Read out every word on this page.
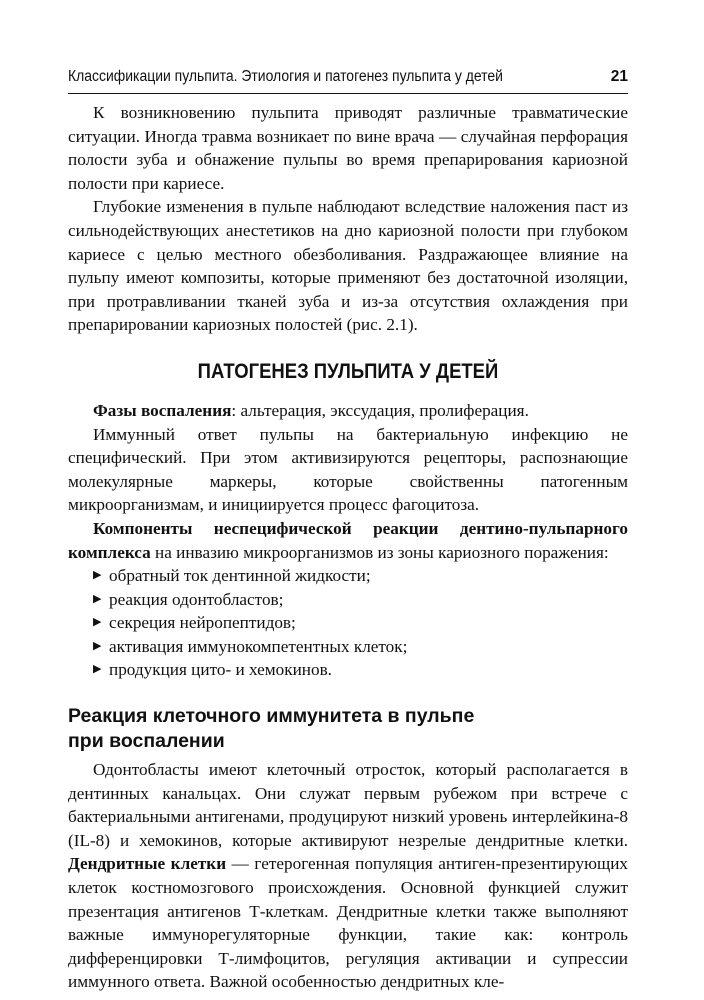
Классификации пульпита. Этиология и патогенез пульпита у детей	21

К возникновению пульпита приводят различные травматические ситуации. Иногда травма возникает по вине врача — случайная перфорация полости зуба и обнажение пульпы во время препарирования кариозной полости при кариесе.

Глубокие изменения в пульпе наблюдают вследствие наложения паст из сильнодействующих анестетиков на дно кариозной полости при глубоком кариесе с целью местного обезболивания. Раздражающее влияние на пульпу имеют композиты, которые применяют без достаточной изоляции, при протравливании тканей зуба и из-за отсутствия охлаждения при препарировании кариозных полостей (рис. 2.1).

ПАТОГЕНЕЗ ПУЛЬПИТА У ДЕТЕЙ

Фазы воспаления: альтерация, экссудация, пролиферация.

Иммунный ответ пульпы на бактериальную инфекцию не специфический. При этом активизируются рецепторы, распознающие молекулярные маркеры, которые свойственны патогенным микроорганизмам, и инициируется процесс фагоцитоза.

Компоненты неспецифической реакции дентино-пульпарного комплекса на инвазию микроорганизмов из зоны кариозного поражения:

▶ обратный ток дентинной жидкости;
▶ реакция одонтобластов;
▶ секреция нейропептидов;
▶ активация иммунокомпетентных клеток;
▶ продукция цито- и хемокинов.
Реакция клеточного иммунитета в пульпе
при воспалении

Одонтобласты имеют клеточный отросток, который располагается в дентинных канальцах. Они служат первым рубежом при встрече с бактериальными антигенами, продуцируют низкий уровень интерлейкина-8 (IL-8) и хемокинов, которые активируют незрелые дендритные клетки. Дендритные клетки — гетерогенная популяция антиген-презентирующих клеток костномозгового происхождения. Основной функцией служит презентация антигенов Т-клеткам. Дендритные клетки также выполняют важные иммунорегуляторные функции, такие как: контроль дифференцировки Т-лимфоцитов, регуляция активации и супрессии иммунного ответа. Важной особенностью дендритных кле-
